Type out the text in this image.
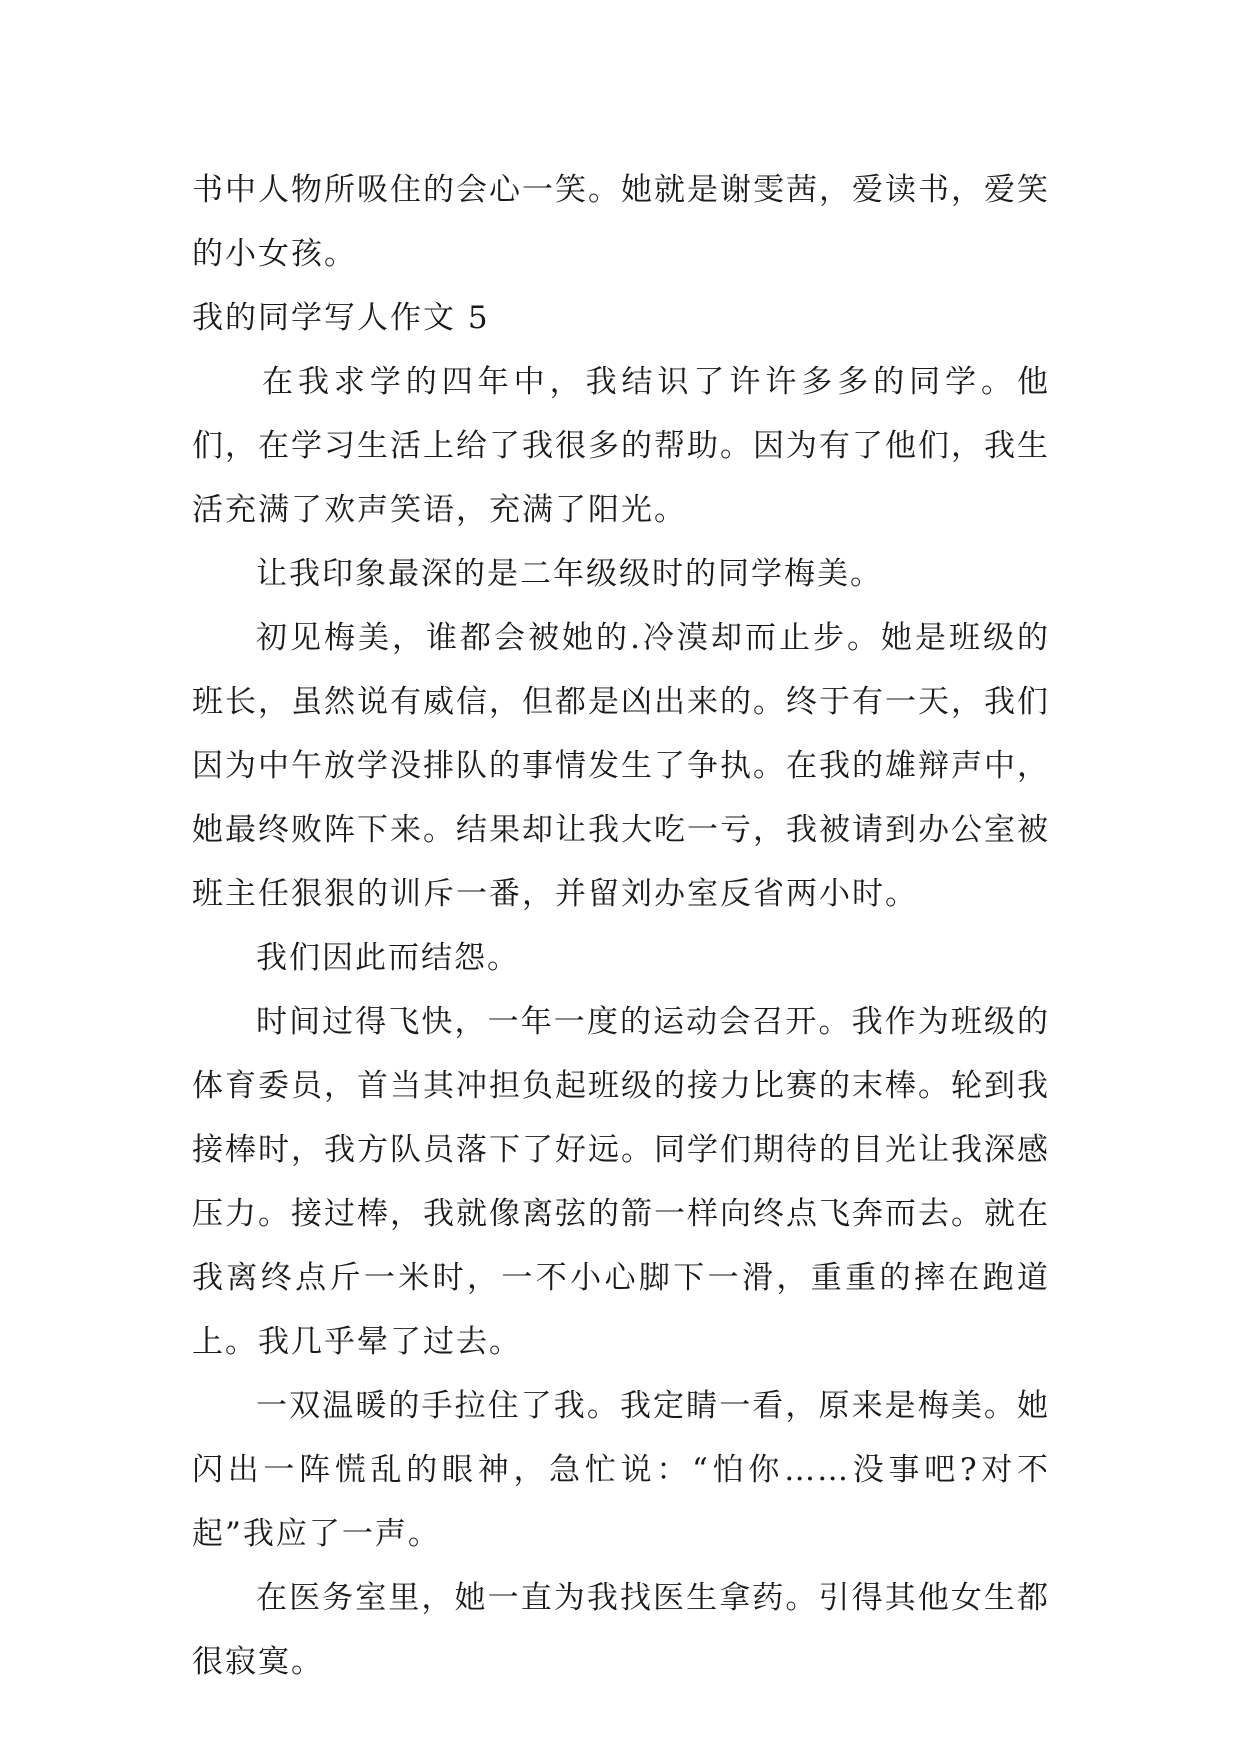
书中人物所吸住的会心一笑。她就是谢雯茜，爱读书，爱笑的小女孩。

我的同学写人作文 5

在我求学的四年中，我结识了许许多多的同学。他们，在学习生活上给了我很多的帮助。因为有了他们，我生活充满了欢声笑语，充满了阳光。

让我印象最深的是二年级级时的同学梅美。

初见梅美，谁都会被她的.冷漠却而止步。她是班级的班长，虽然说有威信，但都是凶出来的。终于有一天，我们因为中午放学没排队的事情发生了争执。在我的雄辩声中，她最终败阵下来。结果却让我大吃一亏，我被请到办公室被班主任狠狠的训斥一番，并留刘办室反省两小时。

我们因此而结怨。

时间过得飞快，一年一度的运动会召开。我作为班级的体育委员，首当其冲担负起班级的接力比赛的末棒。轮到我接棒时，我方队员落下了好远。同学们期待的目光让我深感压力。接过棒，我就像离弦的箭一样向终点飞奔而去。就在我离终点斤一米时，一不小心脚下一滑，重重的摔在跑道上。我几乎晕了过去。

一双温暖的手拉住了我。我定睛一看，原来是梅美。她闪出一阵慌乱的眼神，急忙说：“怕你……没事吧?对不起”我应了一声。

在医务室里，她一直为我找医生拿药。引得其他女生都很寂寞。
